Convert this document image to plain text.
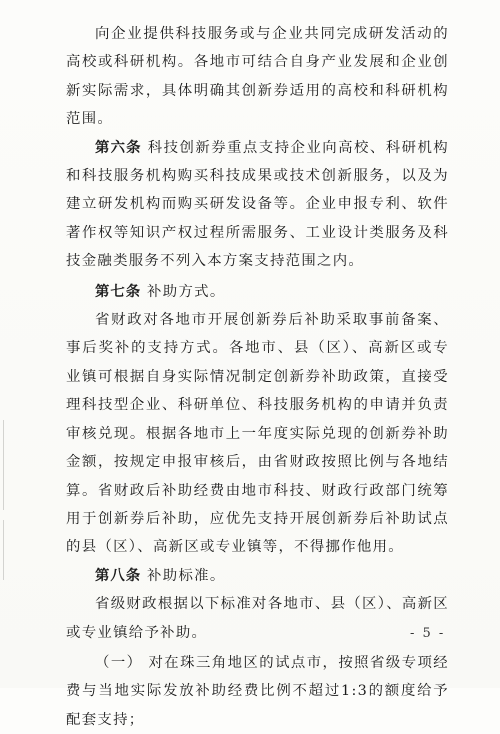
向企业提供科技服务或与企业共同完成研发活动的高校或科研机构。各地市可结合自身产业发展和企业创新实际需求，具体明确其创新券适用的高校和科研机构范围。

第六条 科技创新券重点支持企业向高校、科研机构和科技服务机构购买科技成果或技术创新服务，以及为建立研发机构而购买研发设备等。企业申报专利、软件著作权等知识产权过程所需服务、工业设计类服务及科技金融类服务不列入本方案支持范围之内。

第七条 补助方式。

省财政对各地市开展创新券后补助采取事前备案、事后奖补的支持方式。各地市、县（区）、高新区或专业镇可根据自身实际情况制定创新券补助政策，直接受理科技型企业、科研单位、科技服务机构的申请并负责审核兑现。根据各地市上一年度实际兑现的创新券补助金额，按规定申报审核后，由省财政按照比例与各地结算。省财政后补助经费由地市科技、财政行政部门统筹用于创新券后补助，应优先支持开展创新券后补助试点的县（区）、高新区或专业镇等，不得挪作他用。

第八条 补助标准。

省级财政根据以下标准对各地市、县（区）、高新区或专业镇给予补助。

（一） 对在珠三角地区的试点市，按照省级专项经费与当地实际发放补助经费比例不超过1:3的额度给予配套支持；

- 5 -
